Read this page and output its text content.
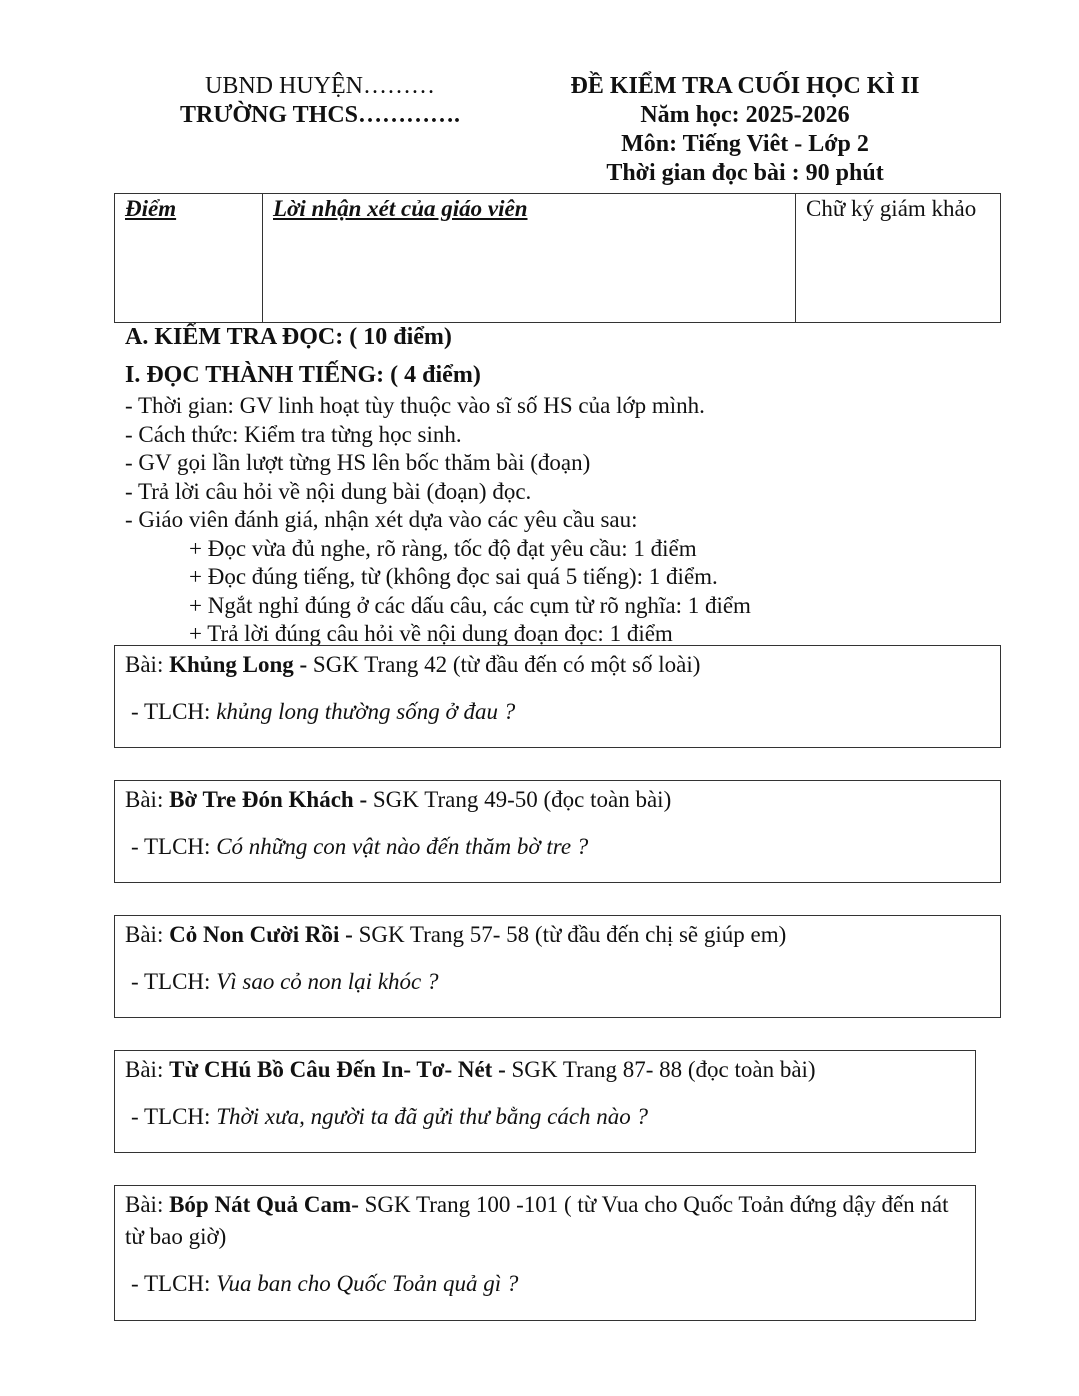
UBND HUYỆN………
TRƯỜNG THCS………….
ĐỀ KIỂM TRA CUỐI HỌC KÌ II
Năm học: 2025-2026
Môn: Tiếng Viêt - Lớp 2
Thời gian đọc bài : 90 phút
Điểm	Lời nhận xét của giáo viên	Chữ ký giám khảo
A. KIỂM TRA ĐỌC: ( 10 điểm)
I. ĐỌC THÀNH TIẾNG: ( 4 điểm)
- Thời gian: GV linh hoạt tùy thuộc vào sĩ số HS của lớp mình.
- Cách thức: Kiểm tra từng học sinh.
- GV gọi lần lượt từng HS lên bốc thăm bài (đoạn)
- Trả lời câu hỏi về nội dung bài (đoạn) đọc.
- Giáo viên đánh giá, nhận xét dựa vào các yêu cầu sau:
+ Đọc vừa đủ nghe, rõ ràng, tốc độ đạt yêu cầu: 1 điểm
+ Đọc đúng tiếng, từ (không đọc sai quá 5 tiếng): 1 điểm.
+ Ngắt nghỉ đúng ở các dấu câu, các cụm từ rõ nghĩa: 1 điểm
+ Trả lời đúng câu hỏi về nội dung đoạn đọc: 1 điểm
Bài: Khủng Long - SGK Trang 42 (từ đầu đến có một số loài)
- TLCH: khủng long thường sống ở đau ?
Bài: Bờ Tre Đón Khách - SGK Trang 49-50 (đọc toàn bài)
- TLCH: Có những con vật nào đến thăm bờ tre ?
Bài: Cỏ Non Cười Rồi - SGK Trang 57- 58 (từ đầu đến chị sẽ giúp em)
- TLCH: Vì sao cỏ non lại khóc ?
Bài: Từ CHú Bồ Câu Đến In- Tơ- Nét - SGK Trang 87- 88 (đọc toàn bài)
- TLCH: Thời xưa, người ta đã gửi thư bằng cách nào ?
Bài: Bóp Nát Quả Cam- SGK Trang 100 -101 ( từ Vua cho Quốc Toản đứng dậy đến nát từ bao giờ)
- TLCH: Vua ban cho Quốc Toản quả gì ?
